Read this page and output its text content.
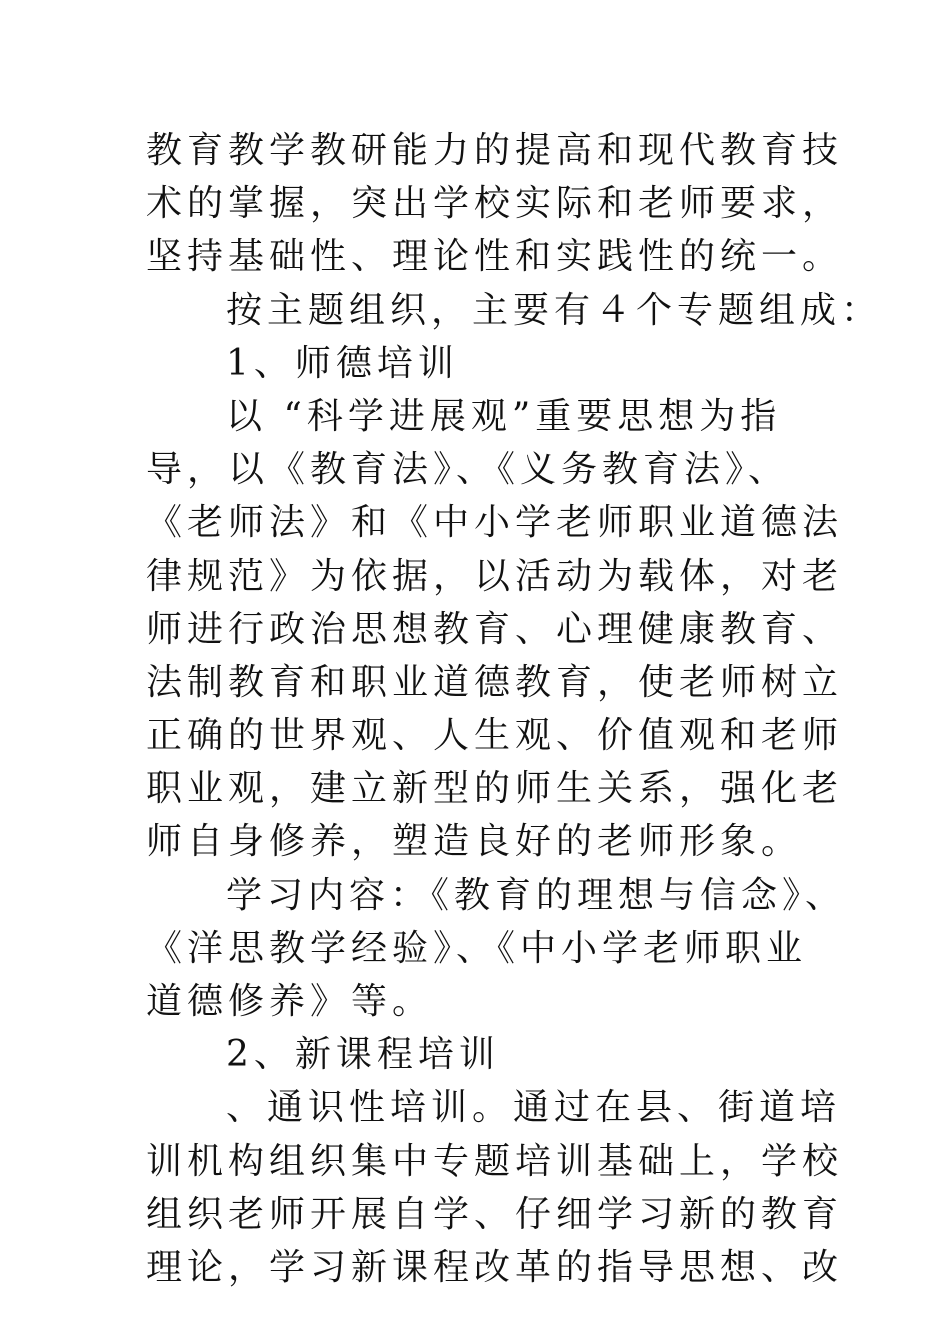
教育教学教研能力的提高和现代教育技
术的掌握，突出学校实际和老师要求，
坚持基础性、理论性和实践性的统一。
按主题组织，主要有４个专题组成：
1、师德培训
以 “科学进展观”重要思想为指
导，以《教育法》、《义务教育法》、
《老师法》和《中小学老师职业道德法
律规范》为依据，以活动为载体，对老
师进行政治思想教育、心理健康教育、
法制教育和职业道德教育，使老师树立
正确的世界观、人生观、价值观和老师
职业观，建立新型的师生关系，强化老
师自身修养，塑造良好的老师形象。
学习内容：《教育的理想与信念》、
《洋思教学经验》、《中小学老师职业
道德修养》等。
2、新课程培训
、通识性培训。通过在县、街道培
训机构组织集中专题培训基础上，学校
组织老师开展自学、仔细学习新的教育
理论，学习新课程改革的指导思想、改
